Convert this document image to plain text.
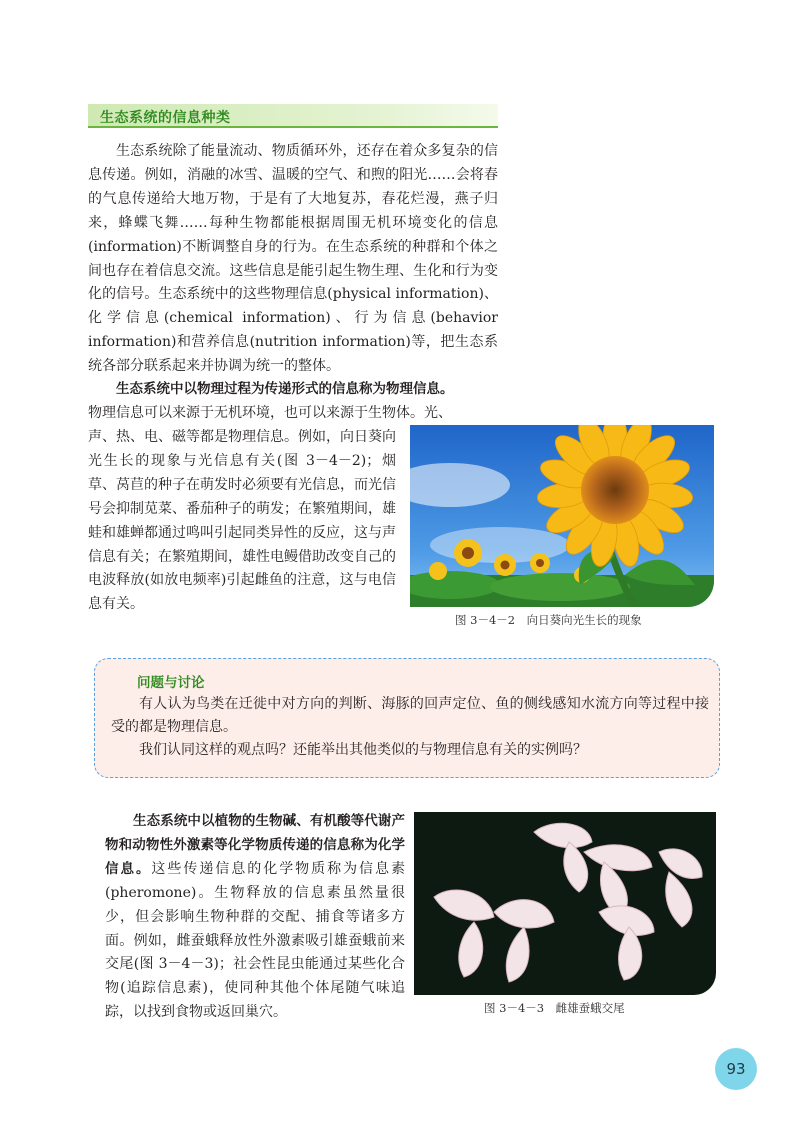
生态系统的信息种类

生态系统除了能量流动、物质循环外，还存在着众多复杂的信息传递。例如，消融的冰雪、温暖的空气、和煦的阳光……会将春的气息传递给大地万物，于是有了大地复苏，春花烂漫，燕子归来，蜂蝶飞舞……每种生物都能根据周围无机环境变化的信息(information)不断调整自身的行为。在生态系统的种群和个体之间也存在着信息交流。这些信息是能引起生物生理、生化和行为变化的信号。生态系统中的这些物理信息(physical information)、化学信息(chemical information)、行为信息(behavior information)和营养信息(nutrition information)等，把生态系统各部分联系起来并协调为统一的整体。

生态系统中以物理过程为传递形式的信息称为物理信息。
物理信息可以来源于无机环境，也可以来源于生物体。光、
声、热、电、磁等都是物理信息。例如，向日葵向光生长的现象与光信息有关(图 3－4－2)；烟草、莴苣的种子在萌发时必须要有光信息，而光信号会抑制苋菜、番茄种子的萌发；在繁殖期间，雄蛙和雄蝉都通过鸣叫引起同类异性的反应，这与声信息有关；在繁殖期间，雄性电鳗借助改变自己的电波释放(如放电频率)引起雌鱼的注意，这与电信息有关。
图 3－4－2　向日葵向光生长的现象
问题与讨论

有人认为鸟类在迁徙中对方向的判断、海豚的回声定位、鱼的侧线感知水流方向等过程中接受的都是物理信息。

我们认同这样的观点吗？还能举出其他类似的与物理信息有关的实例吗？

生态系统中以植物的生物碱、有机酸等代谢产物和动物性外激素等化学物质传递的信息称为化学信息。这些传递信息的化学物质称为信息素(pheromone)。生物释放的信息素虽然量很少，但会影响生物种群的交配、捕食等诸多方面。例如，雌蚕蛾释放性外激素吸引雄蚕蛾前来交尾(图 3－4－3)；社会性昆虫能通过某些化合物(追踪信息素)，使同种其他个体尾随气味追踪，以找到食物或返回巢穴。	图 3－4－3　雌雄蚕蛾交尾
93
